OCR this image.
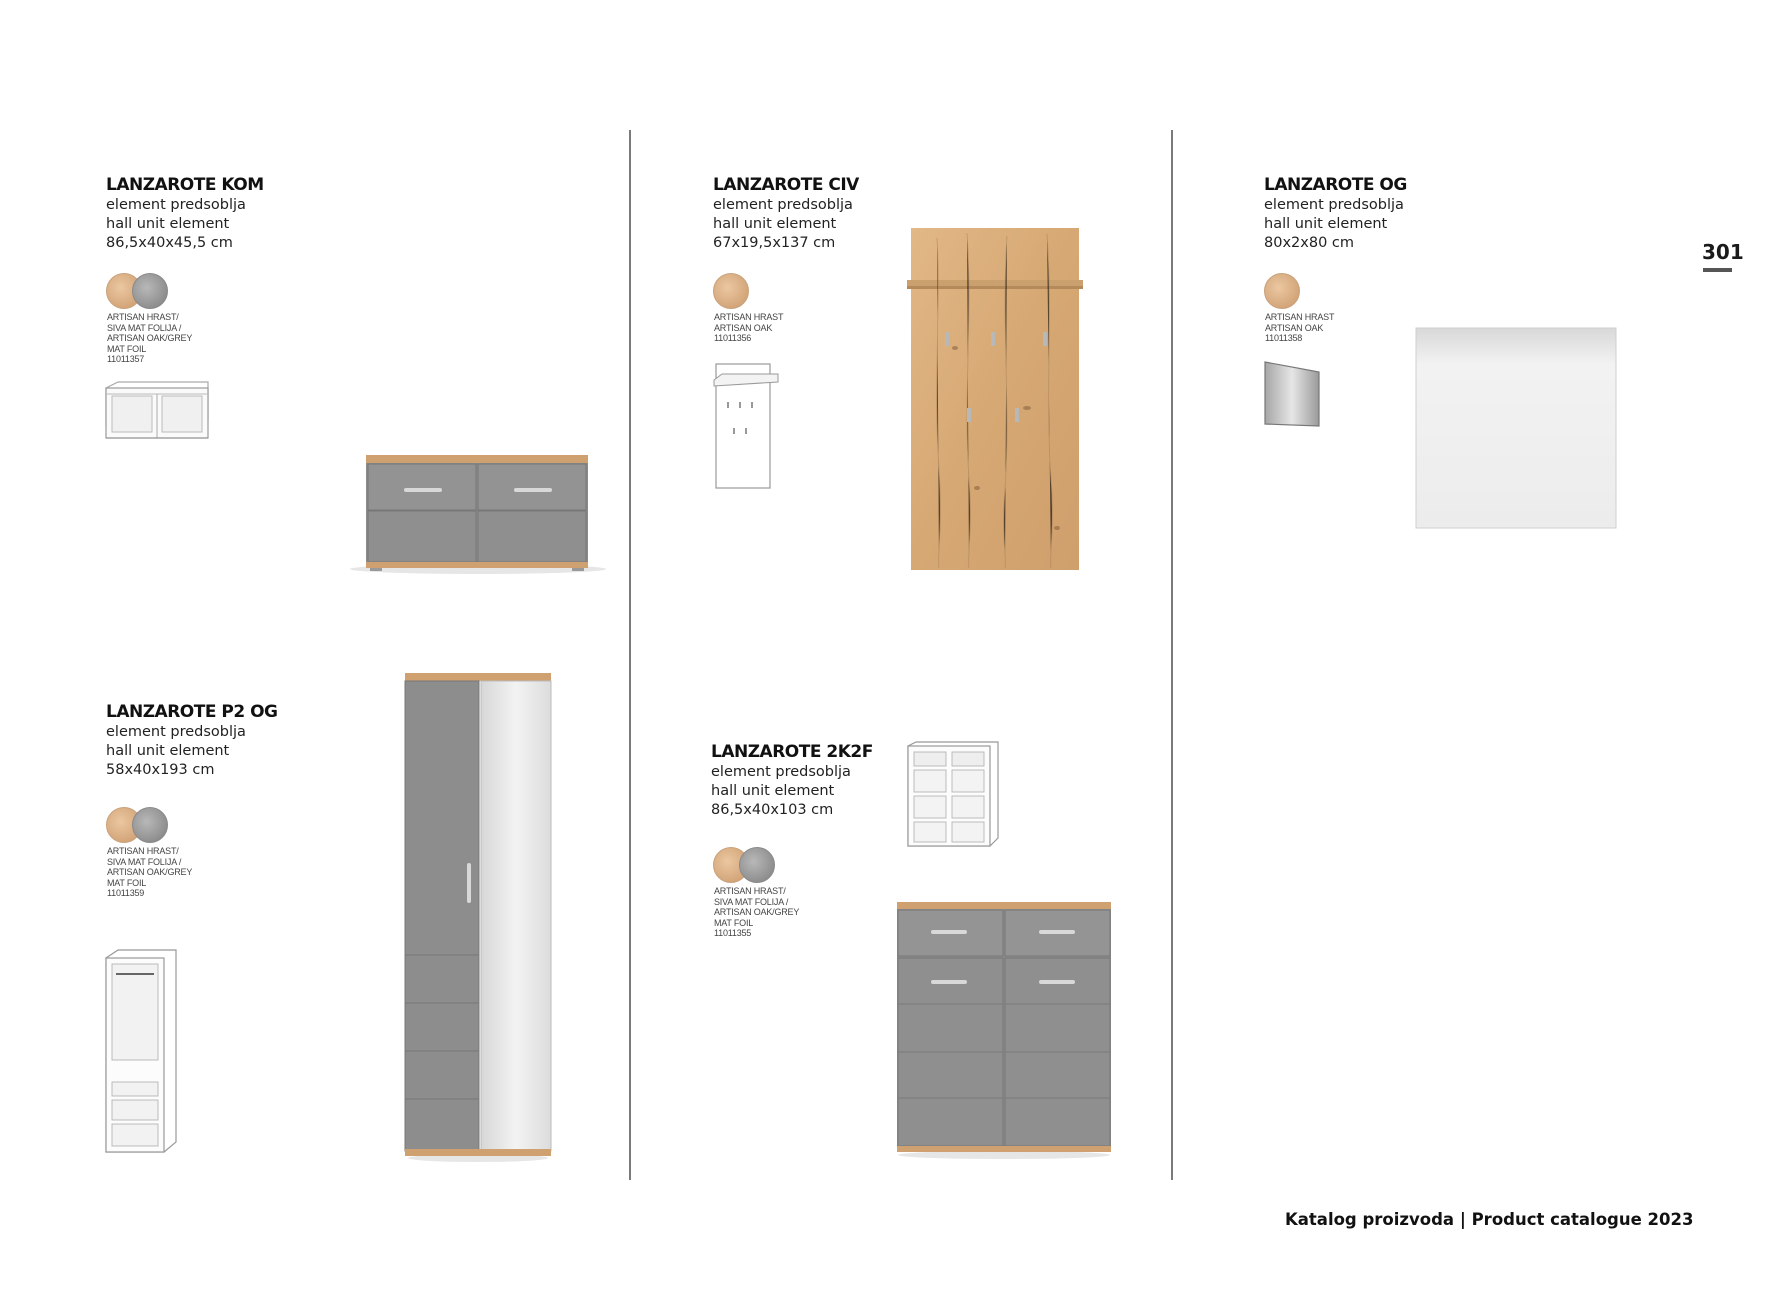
301
LANZAROTE KOM
element predsoblja
hall unit element
86,5x40x45,5 cm
ARTISAN HRAST/
SIVA MAT FOLIJA /
ARTISAN OAK/GREY
MAT FOIL
11011357
LANZAROTE CIV
element predsoblja
hall unit element
67x19,5x137 cm
ARTISAN HRAST
ARTISAN OAK
11011356
LANZAROTE OG
element predsoblja
hall unit element
80x2x80 cm
ARTISAN HRAST
ARTISAN OAK
11011358
LANZAROTE P2 OG
element predsoblja
hall unit element
58x40x193 cm
ARTISAN HRAST/
SIVA MAT FOLIJA /
ARTISAN OAK/GREY
MAT FOIL
11011359
LANZAROTE 2K2F
element predsoblja
hall unit element
86,5x40x103 cm
ARTISAN HRAST/
SIVA MAT FOLIJA /
ARTISAN OAK/GREY
MAT FOIL
11011355
Katalog proizvoda | Product catalogue 2023
